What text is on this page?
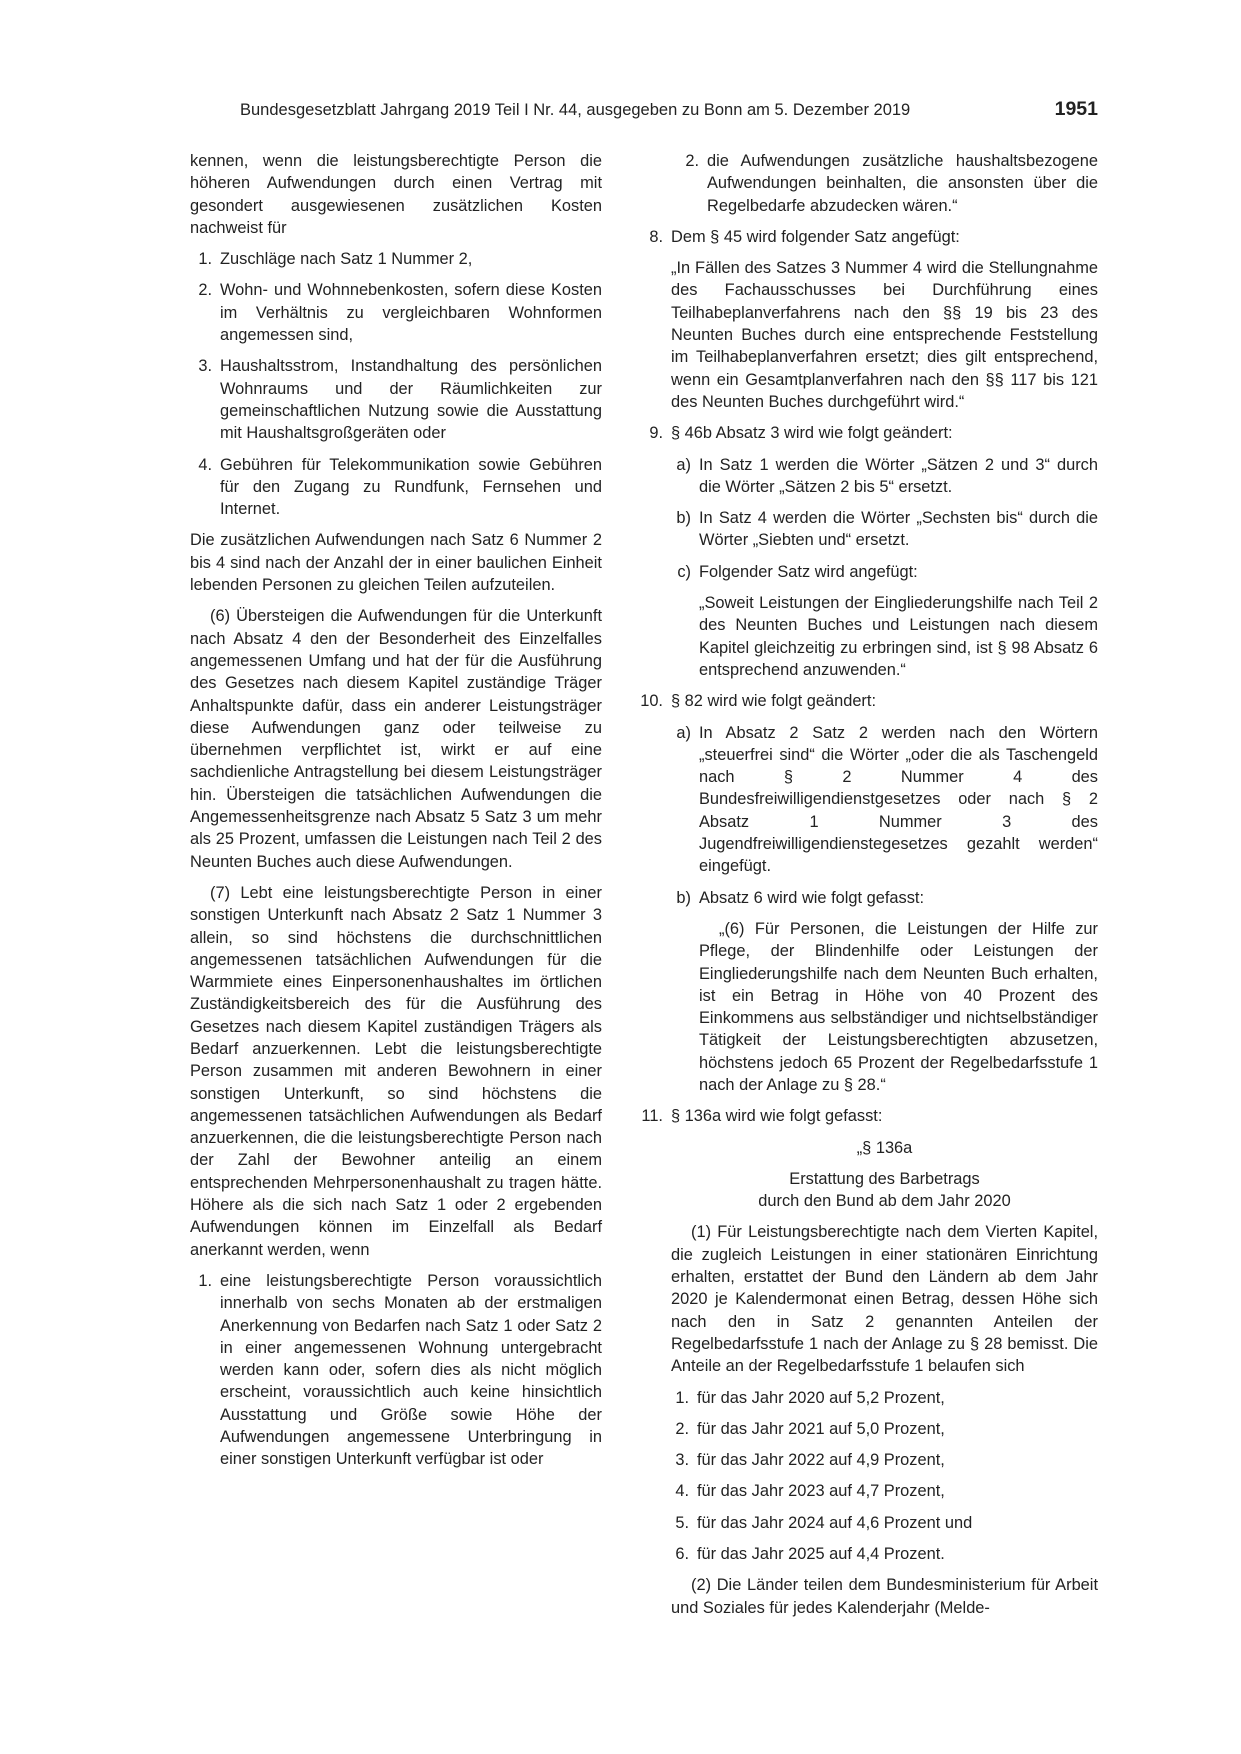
Bundesgesetzblatt Jahrgang 2019 Teil I Nr. 44, ausgegeben zu Bonn am 5. Dezember 2019	1951

kennen, wenn die leistungsberechtigte Person die höheren Aufwendungen durch einen Vertrag mit gesondert ausgewiesenen zusätzlichen Kosten nachweist für

1. Zuschläge nach Satz 1 Nummer 2,
2. Wohn- und Wohnnebenkosten, sofern diese Kosten im Verhältnis zu vergleichbaren Wohnformen angemessen sind,
3. Haushaltsstrom, Instandhaltung des persönlichen Wohnraums und der Räumlichkeiten zur gemeinschaftlichen Nutzung sowie die Ausstattung mit Haushaltsgroßgeräten oder
4. Gebühren für Telekommunikation sowie Gebühren für den Zugang zu Rundfunk, Fernsehen und Internet.

Die zusätzlichen Aufwendungen nach Satz 6 Nummer 2 bis 4 sind nach der Anzahl der in einer baulichen Einheit lebenden Personen zu gleichen Teilen aufzuteilen.

(6) Übersteigen die Aufwendungen für die Unterkunft nach Absatz 4 den der Besonderheit des Einzelfalles angemessenen Umfang und hat der für die Ausführung des Gesetzes nach diesem Kapitel zuständige Träger Anhaltspunkte dafür, dass ein anderer Leistungsträger diese Aufwendungen ganz oder teilweise zu übernehmen verpflichtet ist, wirkt er auf eine sachdienliche Antragstellung bei diesem Leistungsträger hin. Übersteigen die tatsächlichen Aufwendungen die Angemessenheitsgrenze nach Absatz 5 Satz 3 um mehr als 25 Prozent, umfassen die Leistungen nach Teil 2 des Neunten Buches auch diese Aufwendungen.

(7) Lebt eine leistungsberechtigte Person in einer sonstigen Unterkunft nach Absatz 2 Satz 1 Nummer 3 allein, so sind höchstens die durchschnittlichen angemessenen tatsächlichen Aufwendungen für die Warmmiete eines Einpersonenhaushaltes im örtlichen Zuständigkeitsbereich des für die Ausführung des Gesetzes nach diesem Kapitel zuständigen Trägers als Bedarf anzuerkennen. Lebt die leistungsberechtigte Person zusammen mit anderen Bewohnern in einer sonstigen Unterkunft, so sind höchstens die angemessenen tatsächlichen Aufwendungen als Bedarf anzuerkennen, die die leistungsberechtigte Person nach der Zahl der Bewohner anteilig an einem entsprechenden Mehrpersonenhaushalt zu tragen hätte. Höhere als die sich nach Satz 1 oder 2 ergebenden Aufwendungen können im Einzelfall als Bedarf anerkannt werden, wenn

1. eine leistungsberechtigte Person voraussichtlich innerhalb von sechs Monaten ab der erstmaligen Anerkennung von Bedarfen nach Satz 1 oder Satz 2 in einer angemessenen Wohnung untergebracht werden kann oder, sofern dies als nicht möglich erscheint, voraussichtlich auch keine hinsichtlich Ausstattung und Größe sowie Höhe der Aufwendungen angemessene Unterbringung in einer sonstigen Unterkunft verfügbar ist oder
2. die Aufwendungen zusätzliche haushaltsbezogene Aufwendungen beinhalten, die ansonsten über die Regelbedarfe abzudecken wären.“
8. Dem § 45 wird folgender Satz angefügt:

„In Fällen des Satzes 3 Nummer 4 wird die Stellungnahme des Fachausschusses bei Durchführung eines Teilhabeplanverfahrens nach den §§ 19 bis 23 des Neunten Buches durch eine entsprechende Feststellung im Teilhabeplanverfahren ersetzt; dies gilt entsprechend, wenn ein Gesamtplanverfahren nach den §§ 117 bis 121 des Neunten Buches durchgeführt wird.“

9. § 46b Absatz 3 wird wie folgt geändert:
a) In Satz 1 werden die Wörter „Sätzen 2 und 3“ durch die Wörter „Sätzen 2 bis 5“ ersetzt.
b) In Satz 4 werden die Wörter „Sechsten bis“ durch die Wörter „Siebten und“ ersetzt.
c) Folgender Satz wird angefügt:

„Soweit Leistungen der Eingliederungshilfe nach Teil 2 des Neunten Buches und Leistungen nach diesem Kapitel gleichzeitig zu erbringen sind, ist § 98 Absatz 6 entsprechend anzuwenden.“

10. § 82 wird wie folgt geändert:
a) In Absatz 2 Satz 2 werden nach den Wörtern „steuerfrei sind“ die Wörter „oder die als Taschengeld nach § 2 Nummer 4 des Bundesfreiwilligendienstgesetzes oder nach § 2 Absatz 1 Nummer 3 des Jugendfreiwilligendienstegesetzes gezahlt werden“ eingefügt.
b) Absatz 6 wird wie folgt gefasst:

„(6) Für Personen, die Leistungen der Hilfe zur Pflege, der Blindenhilfe oder Leistungen der Eingliederungshilfe nach dem Neunten Buch erhalten, ist ein Betrag in Höhe von 40 Prozent des Einkommens aus selbständiger und nichtselbständiger Tätigkeit der Leistungsberechtigten abzusetzen, höchstens jedoch 65 Prozent der Regelbedarfsstufe 1 nach der Anlage zu § 28.“

11. § 136a wird wie folgt gefasst:
„§ 136a
Erstattung des Barbetrags
durch den Bund ab dem Jahr 2020

(1) Für Leistungsberechtigte nach dem Vierten Kapitel, die zugleich Leistungen in einer stationären Einrichtung erhalten, erstattet der Bund den Ländern ab dem Jahr 2020 je Kalendermonat einen Betrag, dessen Höhe sich nach den in Satz 2 genannten Anteilen der Regelbedarfsstufe 1 nach der Anlage zu § 28 bemisst. Die Anteile an der Regelbedarfsstufe 1 belaufen sich

1. für das Jahr 2020 auf 5,2 Prozent,
2. für das Jahr 2021 auf 5,0 Prozent,
3. für das Jahr 2022 auf 4,9 Prozent,
4. für das Jahr 2023 auf 4,7 Prozent,
5. für das Jahr 2024 auf 4,6 Prozent und
6. für das Jahr 2025 auf 4,4 Prozent.

(2) Die Länder teilen dem Bundesministerium für Arbeit und Soziales für jedes Kalenderjahr (Melde-
